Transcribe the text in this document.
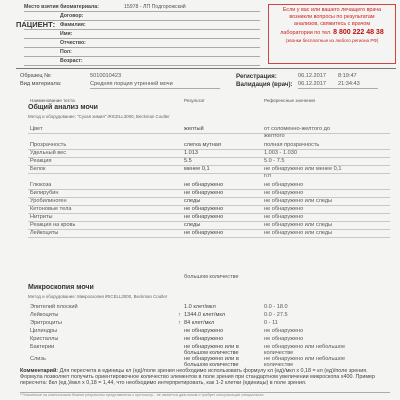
Место взятия биоматериала:	15978 - ЛП Подгорожский
Договор:
ПАЦИЕНТ: Фамилия:
Имя:
Отчество:
Пол:
Возраст:
Если у вас или вашего лечащего врача
возникли вопросы по результатам
анализов, свяжитесь с врачом
лаборатории по тел. 8 800 222 48 38
(звонки бесплатные из любого региона РФ)
Образец №:	5010010423
Вид материала:	Средняя порция утренней мочи
Регистрация:	06.12.2017 8:19:47
Валидация (врач): 06.12.2017 21:34:43
Наименование теста	Результат	Референсные значения
Общий анализ мочи
Метод и оборудование: "Сухая химия" iRICELL3000, Beckman Coulter
Цвет	желтый	от соломенно-желтого до
желтого
Прозрачность	слегка мутная	полная прозрачность
Удельный вес	1.013	1.003 - 1.030
Реакция	5.5	5.0 - 7.5
Белок	менее 0,1	не обнаружено или менее 0,1
г/л
Глюкоза	не обнаружено	не обнаружено
Билирубин	не обнаружено	не обнаружено
Уробилиноген	следы	не обнаружено или следы
Кетоновые тела	не обнаружено	не обнаружено
Нитриты	не обнаружено	не обнаружено
Реакция на кровь	следы	не обнаружено или следы
Лейкоциты	не обнаружено	не обнаружено или следы
большом количестве
Микроскопия мочи
Метод и оборудование: Микроскопия iRICELL3000, Beckman Coulter
Эпителий плоский	1.0 клет/мкл	0.0 - 18.0
Лейкоциты	↑ 1344.0 клет/мкл	0.0 - 27.5
Эритроциты	↑ 84 клет/мкл	0 - 11
Цилиндры	не обнаружено	не обнаружено
Кристаллы	не обнаружено	не обнаружено
Бактерии	не обнаружено или в	не обнаружено или небольшое
большом количестве	количестве
Слизь	не обнаружено или в	не обнаружено или небольшое
большом количестве	количестве
Комментарий: Для пересчета в единицы кл (ед)/поле зрения необходимо использовать формулу кл (ед)/мкл х 0,18 = кл (ед)/поле зрения. Формула позволяет получить ориентировочное количество элементов в поле зрения при стандартном увеличении микроскопа х400. Пример пересчета: 8кл (ед.)/мкл х 0,18 = 1,44, что необходимо интерпретировать, как 1-2 клетки (единицы) в поле зрения.
**Указанные на клиническом бланке результаты представлены к протоколу... не является диагнозом и требует консультации специалиста
